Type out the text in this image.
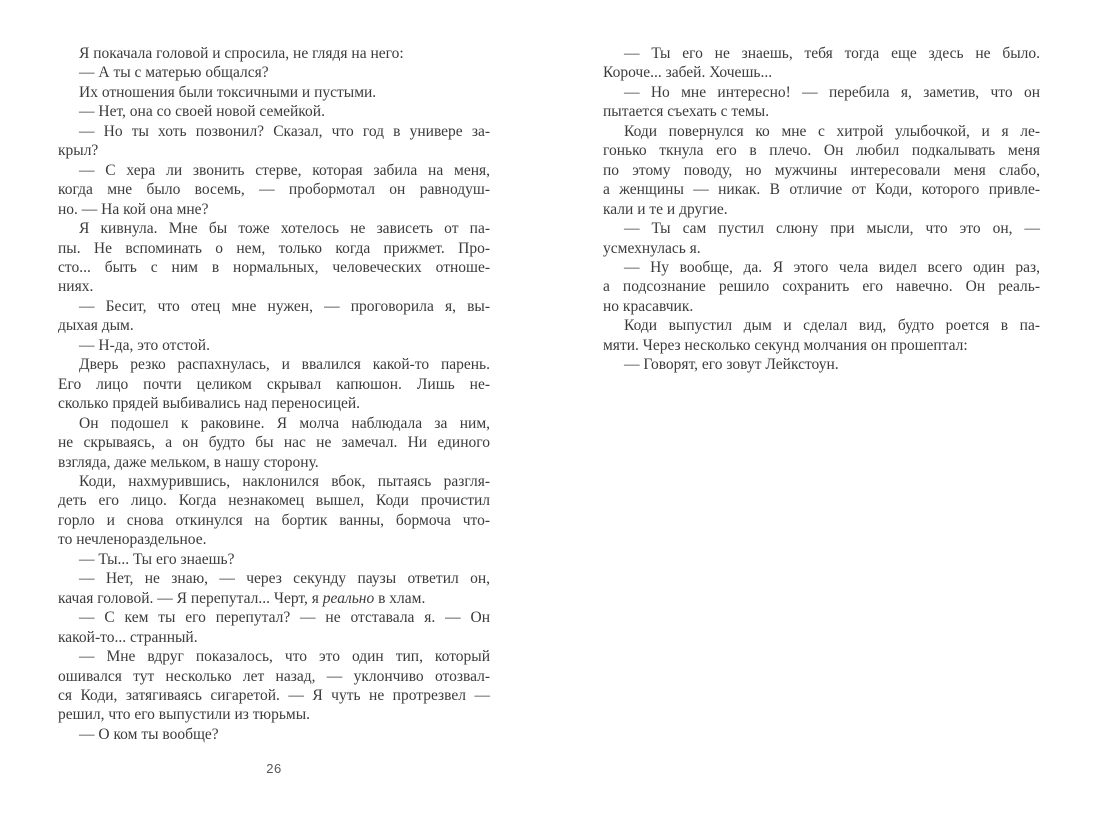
Я покачала головой и спросила, не глядя на него:
— А ты с матерью общался?
Их отношения были токсичными и пустыми.
— Нет, она со своей новой семейкой.
— Но ты хоть позвонил? Сказал, что год в универе за-
крыл?
— С хера ли звонить стерве, которая забила на меня,
когда мне было восемь, — пробормотал он равнодуш-
но. — На кой она мне?
Я кивнула. Мне бы тоже хотелось не зависеть от па-
пы. Не вспоминать о нем, только когда прижмет. Про-
сто... быть с ним в нормальных, человеческих отноше-
ниях.
— Бесит, что отец мне нужен, — проговорила я, вы-
дыхая дым.
— Н-да, это отстой.
Дверь резко распахнулась, и ввалился какой-то парень.
Его лицо почти целиком скрывал капюшон. Лишь не-
сколько прядей выбивались над переносицей.
Он подошел к раковине. Я молча наблюдала за ним,
не скрываясь, а он будто бы нас не замечал. Ни единого
взгляда, даже мельком, в нашу сторону.
Коди, нахмурившись, наклонился вбок, пытаясь разгля-
деть его лицо. Когда незнакомец вышел, Коди прочистил
горло и снова откинулся на бортик ванны, бормоча что-
то нечленораздельное.
— Ты... Ты его знаешь?
— Нет, не знаю, — через секунду паузы ответил он,
качая головой. — Я перепутал... Черт, я реально в хлам.
— С кем ты его перепутал? — не отставала я. — Он
какой-то... странный.
— Мне вдруг показалось, что это один тип, который
ошивался тут несколько лет назад, — уклончиво отозвал-
ся Коди, затягиваясь сигаретой. — Я чуть не протрезвел —
решил, что его выпустили из тюрьмы.
— О ком ты вообще?
— Ты его не знаешь, тебя тогда еще здесь не было.
Короче... забей. Хочешь...
— Но мне интересно! — перебила я, заметив, что он
пытается съехать с темы.
Коди повернулся ко мне с хитрой улыбочкой, и я ле-
гонько ткнула его в плечо. Он любил подкалывать меня
по этому поводу, но мужчины интересовали меня слабо,
а женщины — никак. В отличие от Коди, которого привле-
кали и те и другие.
— Ты сам пустил слюну при мысли, что это он, —
усмехнулась я.
— Ну вообще, да. Я этого чела видел всего один раз,
а подсознание решило сохранить его навечно. Он реаль-
но красавчик.
Коди выпустил дым и сделал вид, будто роется в па-
мяти. Через несколько секунд молчания он прошептал:
— Говорят, его зовут Лейкстоун.
26
